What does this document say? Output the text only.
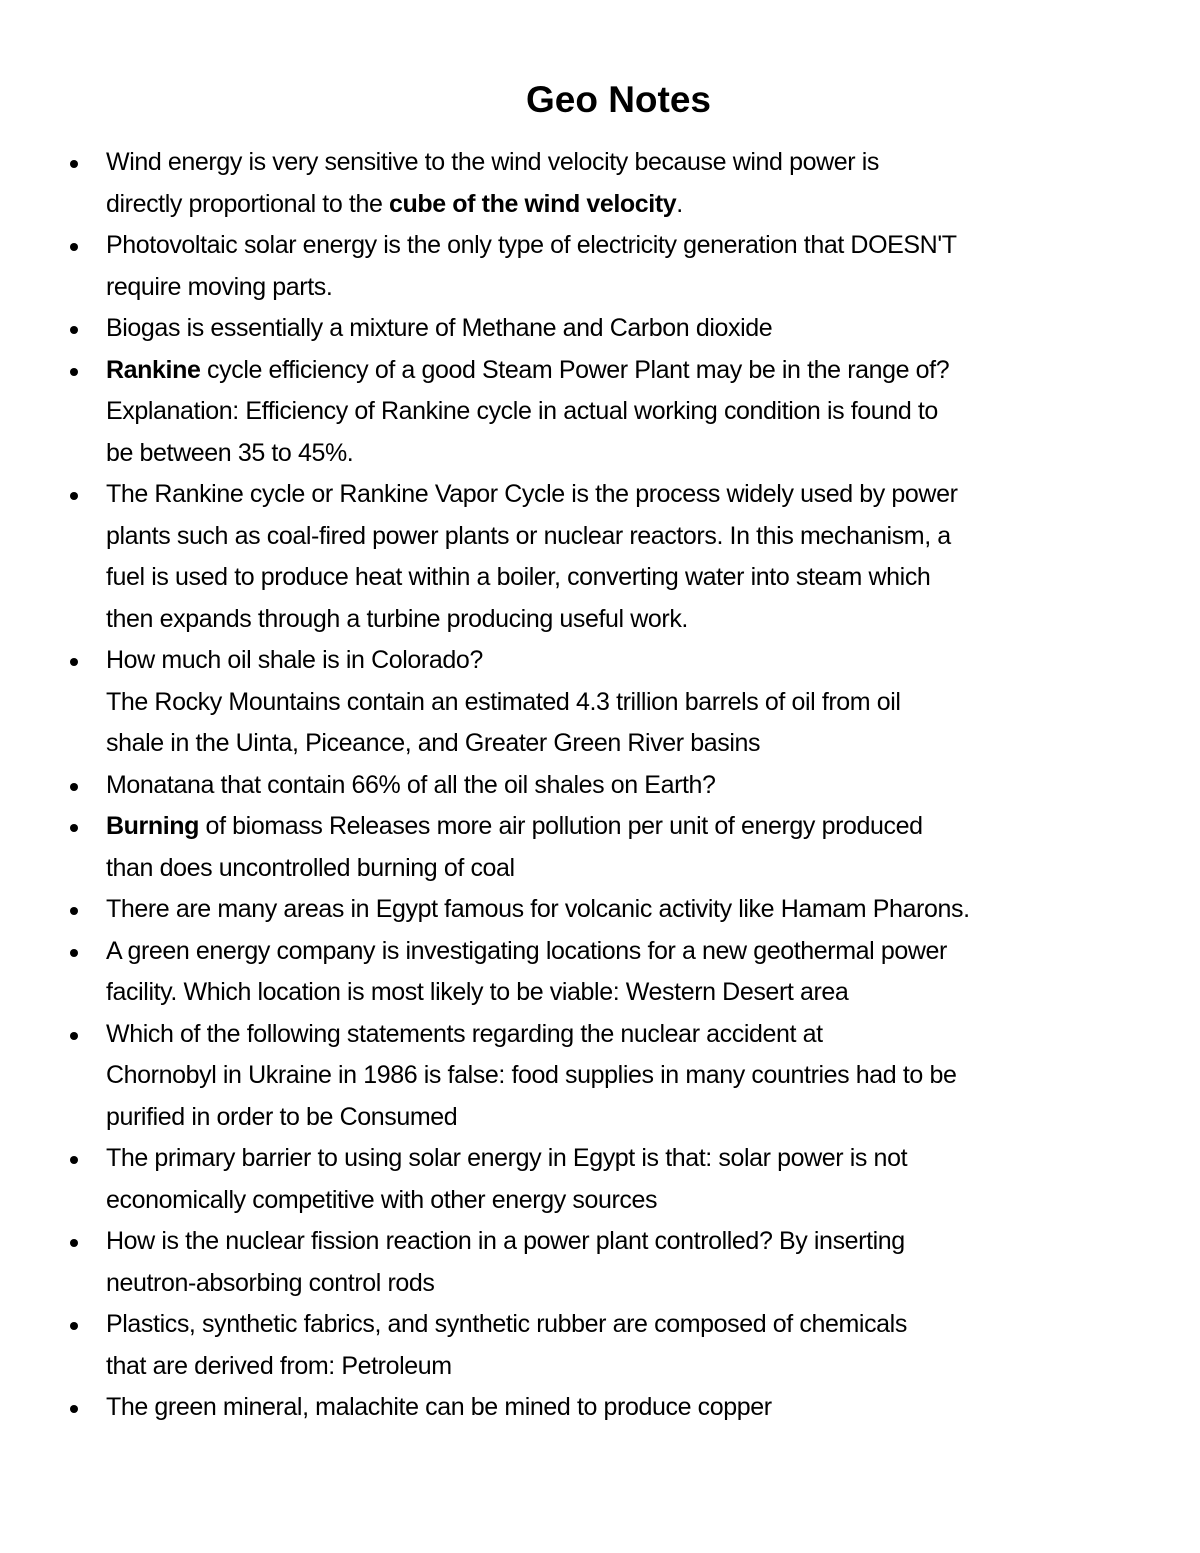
Geo Notes
Wind energy is very sensitive to the wind velocity because wind power is
directly proportional to the cube of the wind velocity.
Photovoltaic solar energy is the only type of electricity generation that DOESN'T
require moving parts.
Biogas is essentially a mixture of Methane and Carbon dioxide
Rankine cycle efficiency of a good Steam Power Plant may be in the range of?
Explanation: Efficiency of Rankine cycle in actual working condition is found to
be between 35 to 45%.
The Rankine cycle or Rankine Vapor Cycle is the process widely used by power
plants such as coal-fired power plants or nuclear reactors. In this mechanism, a
fuel is used to produce heat within a boiler, converting water into steam which
then expands through a turbine producing useful work.
How much oil shale is in Colorado?
The Rocky Mountains contain an estimated 4.3 trillion barrels of oil from oil
shale in the Uinta, Piceance, and Greater Green River basins
Monatana that contain 66% of all the oil shales on Earth?
Burning of biomass Releases more air pollution per unit of energy produced
than does uncontrolled burning of coal
There are many areas in Egypt famous for volcanic activity like Hamam Pharons.
A green energy company is investigating locations for a new geothermal power
facility. Which location is most likely to be viable: Western Desert area
Which of the following statements regarding the nuclear accident at
Chornobyl in Ukraine in 1986 is false: food supplies in many countries had to be
purified in order to be Consumed
The primary barrier to using solar energy in Egypt is that: solar power is not
economically competitive with other energy sources
How is the nuclear fission reaction in a power plant controlled? By inserting
neutron-absorbing control rods
Plastics, synthetic fabrics, and synthetic rubber are composed of chemicals
that are derived from: Petroleum
The green mineral, malachite can be mined to produce copper
